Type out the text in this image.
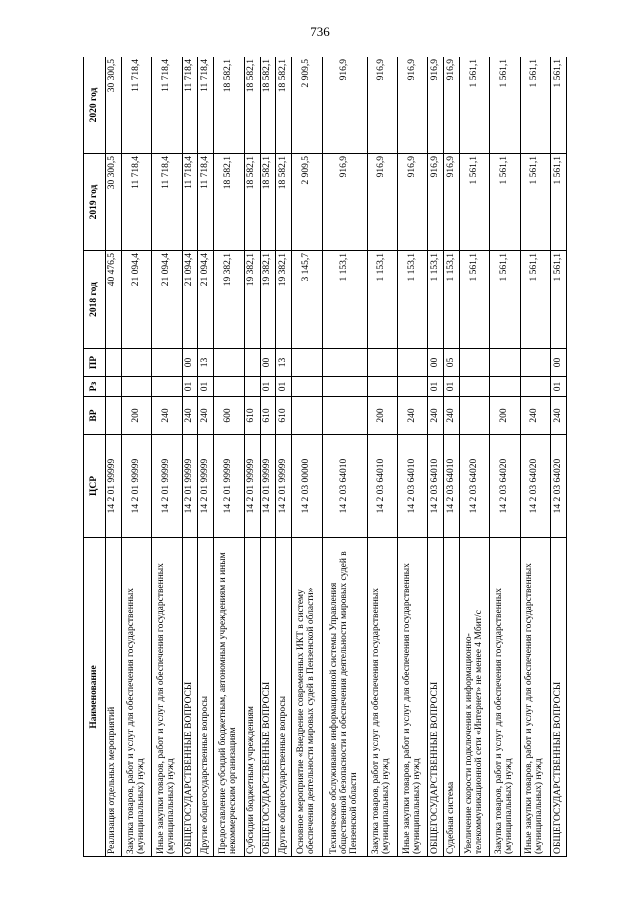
736
Наименование	ЦСР	ВР	Рз	ПР	2018 год	2019 год	2020 год
Реализация отдельных мероприятий	14 2 01 99999				40 476,5	30 300,5	30 300,5
Закупка товаров, работ и услуг для обеспечения государственных (муниципальных) нужд	14 2 01 99999	200			21 094,4	11 718,4	11 718,4
Иные закупки товаров, работ и услуг для обеспечения государственных (муниципальных) нужд	14 2 01 99999	240			21 094,4	11 718,4	11 718,4
ОБЩЕГОСУДАРСТВЕННЫЕ ВОПРОСЫ	14 2 01 99999	240	01	00	21 094,4	11 718,4	11 718,4
Другие общегосударственные вопросы	14 2 01 99999	240	01	13	21 094,4	11 718,4	11 718,4
Предоставление субсидий бюджетным, автономным учреждениям и иным некоммерческим организациям	14 2 01 99999	600			19 382,1	18 582,1	18 582,1
Субсидии бюджетным учреждениям	14 2 01 99999	610			19 382,1	18 582,1	18 582,1
ОБЩЕГОСУДАРСТВЕННЫЕ ВОПРОСЫ	14 2 01 99999	610	01	00	19 382,1	18 582,1	18 582,1
Другие общегосударственные вопросы	14 2 01 99999	610	01	13	19 382,1	18 582,1	18 582,1
Основное мероприятие «Внедрение современных ИКТ в систему обеспечения деятельности мировых судей в Пензенской области»	14 2 03 00000				3 145,7	2 909,5	2 909,5
Техническое обслуживание информационной системы Управления общественной безопасности и обеспечения деятельности мировых судей в Пензенской области	14 2 03 64010				1 153,1	916,9	916,9
Закупка товаров, работ и услуг для обеспечения государственных (муниципальных) нужд	14 2 03 64010	200			1 153,1	916,9	916,9
Иные закупки товаров, работ и услуг для обеспечения государственных (муниципальных) нужд	14 2 03 64010	240			1 153,1	916,9	916,9
ОБЩЕГОСУДАРСТВЕННЫЕ ВОПРОСЫ	14 2 03 64010	240	01	00	1 153,1	916,9	916,9
Судебная система	14 2 03 64010	240	01	05	1 153,1	916,9	916,9
Увеличение скорости подключения к информационно-телекоммуникационной сети «Интернет» не менее 4 Мбит/с	14 2 03 64020				1 561,1	1 561,1	1 561,1
Закупка товаров, работ и услуг для обеспечения государственных (муниципальных) нужд	14 2 03 64020	200			1 561,1	1 561,1	1 561,1
Иные закупки товаров, работ и услуг для обеспечения государственных (муниципальных) нужд	14 2 03 64020	240			1 561,1	1 561,1	1 561,1
ОБЩЕГОСУДАРСТВЕННЫЕ ВОПРОСЫ	14 2 03 64020	240	01	00	1 561,1	1 561,1	1 561,1
